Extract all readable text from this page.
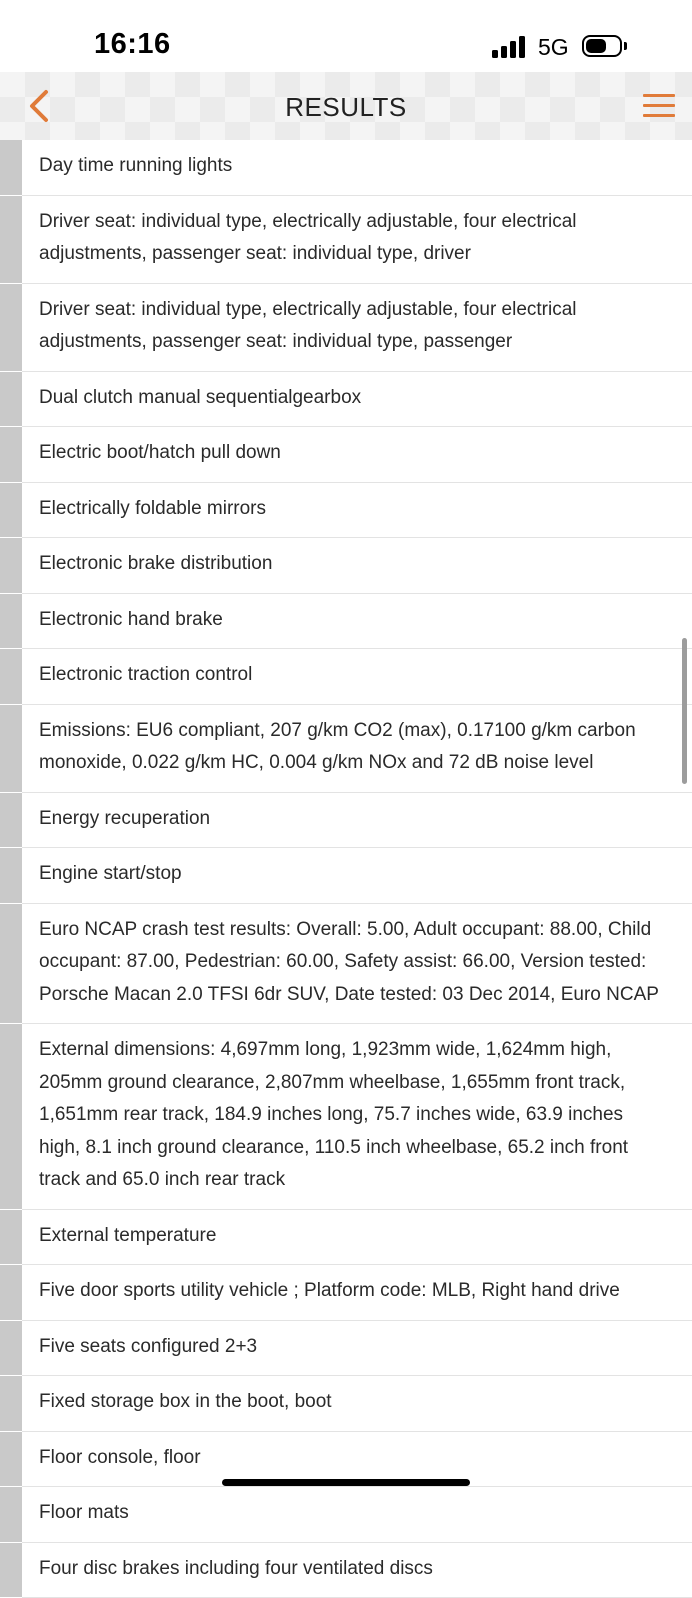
16:16	5G
RESULTS
Day time running lights
Driver seat: individual type, electrically adjustable, four electrical adjustments, passenger seat: individual type, driver
Driver seat: individual type, electrically adjustable, four electrical adjustments, passenger seat: individual type, passenger
Dual clutch manual sequentialgearbox
Electric boot/hatch pull down
Electrically foldable mirrors
Electronic brake distribution
Electronic hand brake
Electronic traction control
Emissions: EU6 compliant, 207 g/km CO2 (max), 0.17100 g/km carbon monoxide, 0.022 g/km HC, 0.004 g/km NOx and 72 dB noise level
Energy recuperation
Engine start/stop
Euro NCAP crash test results: Overall: 5.00, Adult occupant: 88.00, Child occupant: 87.00, Pedestrian: 60.00, Safety assist: 66.00, Version tested: Porsche Macan 2.0 TFSI 6dr SUV, Date tested: 03 Dec 2014, Euro NCAP
External dimensions: 4,697mm long, 1,923mm wide, 1,624mm high, 205mm ground clearance, 2,807mm wheelbase, 1,655mm front track, 1,651mm rear track, 184.9 inches long, 75.7 inches wide, 63.9 inches high, 8.1 inch ground clearance, 110.5 inch wheelbase, 65.2 inch front track and 65.0 inch rear track
External temperature
Five door sports utility vehicle ; Platform code: MLB, Right hand drive
Five seats configured 2+3
Fixed storage box in the boot, boot
Floor console, floor
Floor mats
Four disc brakes including four ventilated discs
